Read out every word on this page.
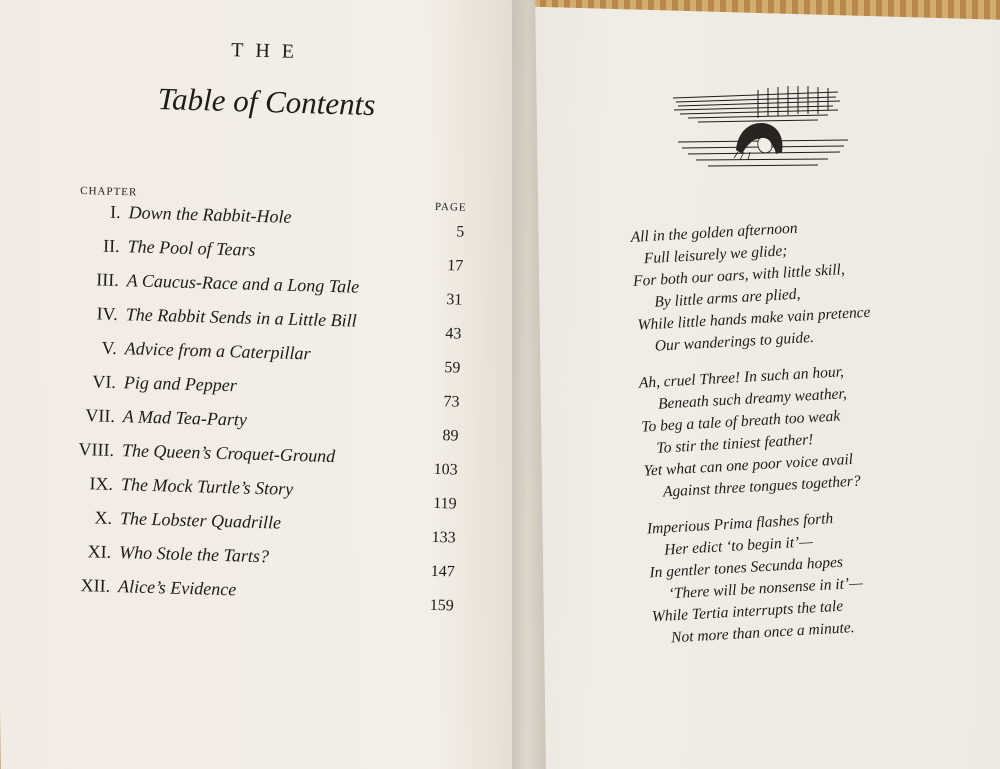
THE
Table of Contents
CHAPTER
PAGE
I. Down the Rabbit-Hole
5
II. The Pool of Tears
17
III. A Caucus-Race and a Long Tale
31
IV. The Rabbit Sends in a Little Bill
43
V. Advice from a Caterpillar
59
VI. Pig and Pepper
73
VII. A Mad Tea-Party
89
VIII. The Queen’s Croquet-Ground
103
IX. The Mock Turtle’s Story
119
X. The Lobster Quadrille
133
XI. Who Stole the Tarts?
147
XII. Alice’s Evidence
159
All in the golden afternoon
Full leisurely we glide;
For both our oars, with little skill,
By little arms are plied,
While little hands make vain pretence
Our wanderings to guide.
Ah, cruel Three! In such an hour,
Beneath such dreamy weather,
To beg a tale of breath too weak
To stir the tiniest feather!
Yet what can one poor voice avail
Against three tongues together?
Imperious Prima flashes forth
Her edict ‘to begin it’—
In gentler tones Secunda hopes
‘There will be nonsense in it’—
While Tertia interrupts the tale
Not more than once a minute.
